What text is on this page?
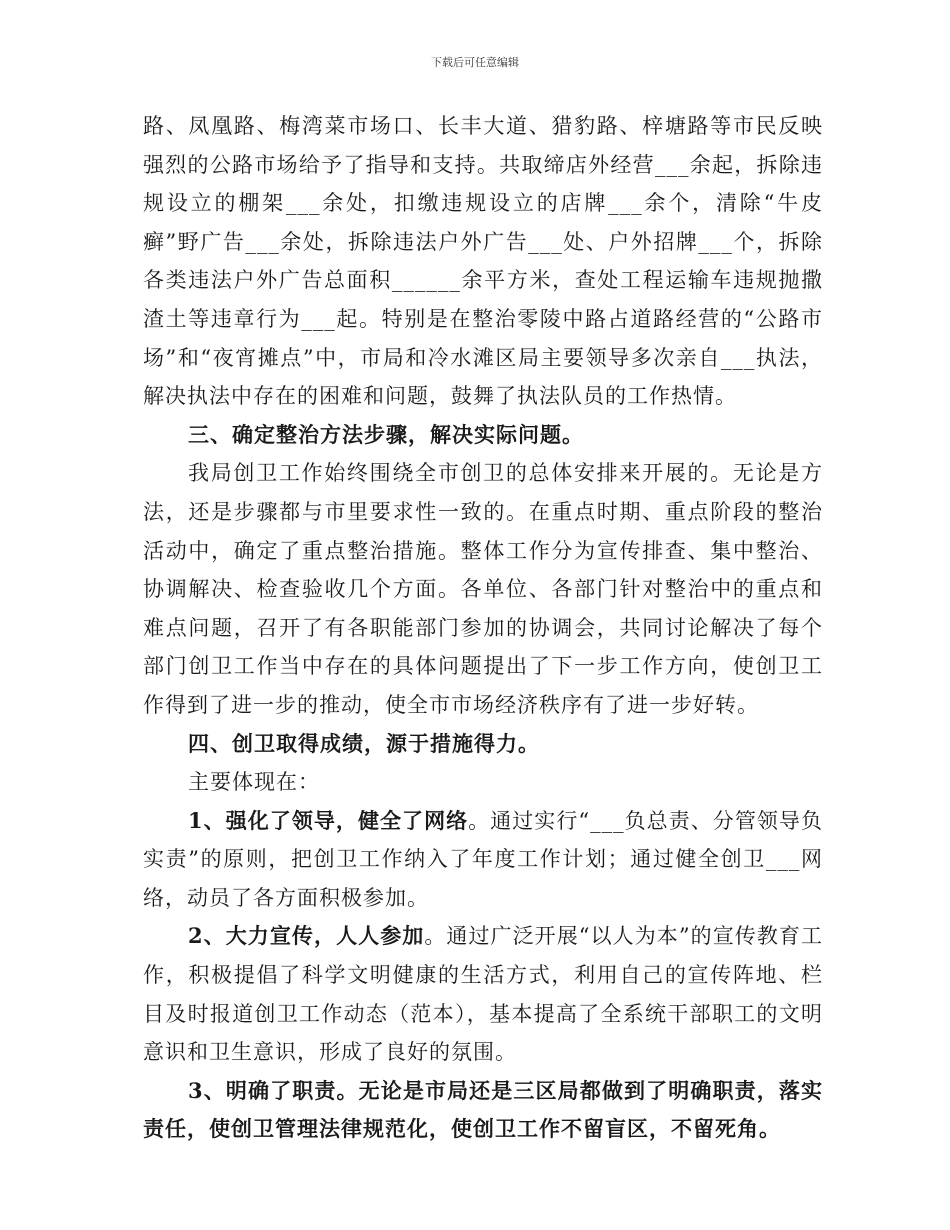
下载后可任意编辑

路、凤凰路、梅湾菜市场口、长丰大道、猎豹路、梓塘路等市民反映强烈的公路市场给予了指导和支持。共取缔店外经营___余起，拆除违规设立的棚架___余处，扣缴违规设立的店牌___余个，清除“牛皮癣”野广告___余处，拆除违法户外广告___处、户外招牌___个，拆除各类违法户外广告总面积______余平方米，查处工程运输车违规抛撒渣土等违章行为___起。特别是在整治零陵中路占道路经营的“公路市场”和“夜宵摊点”中，市局和冷水滩区局主要领导多次亲自___执法，解决执法中存在的困难和问题，鼓舞了执法队员的工作热情。

三、确定整治方法步骤，解决实际问题。

我局创卫工作始终围绕全市创卫的总体安排来开展的。无论是方法，还是步骤都与市里要求性一致的。在重点时期、重点阶段的整治活动中，确定了重点整治措施。整体工作分为宣传排查、集中整治、协调解决、检查验收几个方面。各单位、各部门针对整治中的重点和难点问题，召开了有各职能部门参加的协调会，共同讨论解决了每个部门创卫工作当中存在的具体问题提出了下一步工作方向，使创卫工作得到了进一步的推动，使全市市场经济秩序有了进一步好转。

四、创卫取得成绩，源于措施得力。

主要体现在：

1、强化了领导，健全了网络。通过实行“___负总责、分管领导负实责”的原则，把创卫工作纳入了年度工作计划；通过健全创卫___网络，动员了各方面积极参加。

2、大力宣传，人人参加。通过广泛开展“以人为本”的宣传教育工作，积极提倡了科学文明健康的生活方式，利用自己的宣传阵地、栏目及时报道创卫工作动态（范本），基本提高了全系统干部职工的文明意识和卫生意识，形成了良好的氛围。

3、明确了职责。无论是市局还是三区局都做到了明确职责，落实责任，使创卫管理法律规范化，使创卫工作不留盲区，不留死角。
